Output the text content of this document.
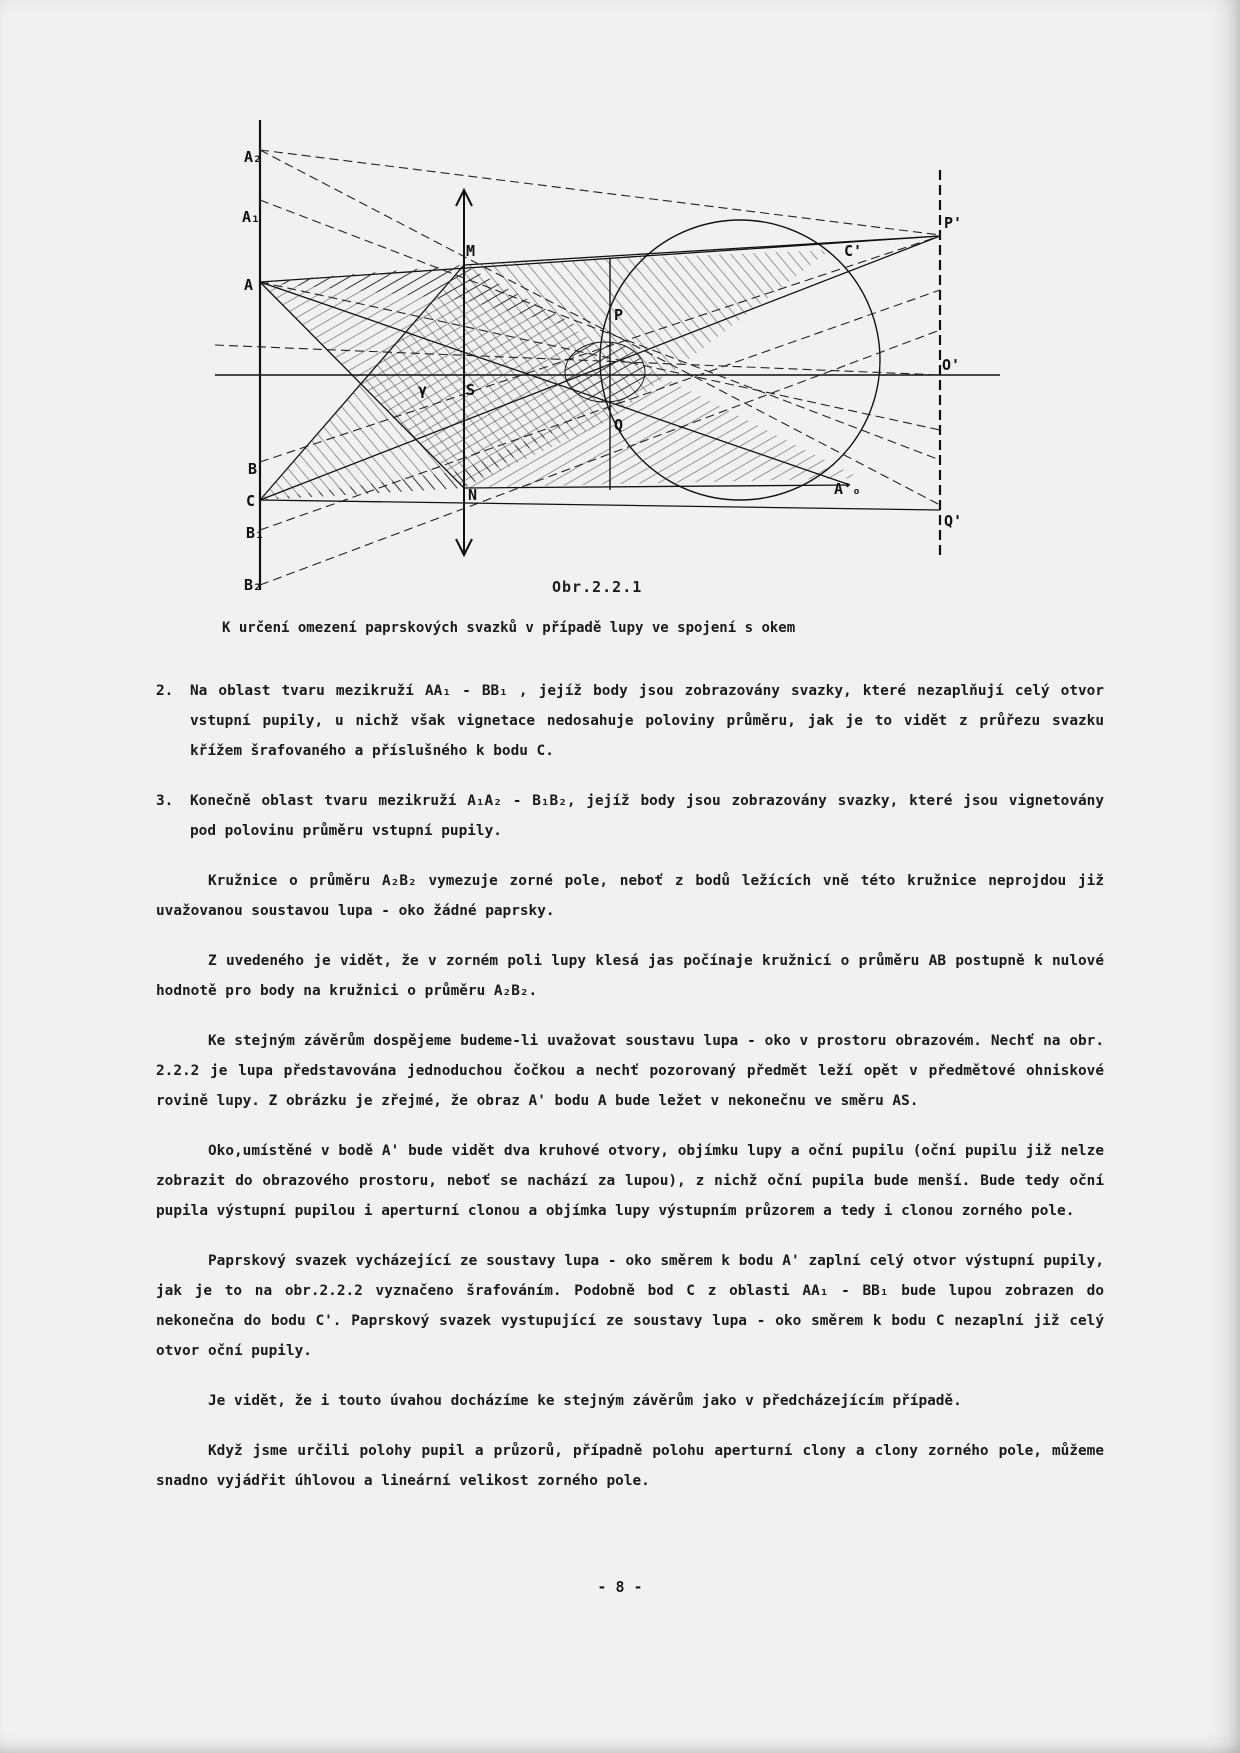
A₂
A₁
A
B
C
B₁
B₂
M
S
N
P
Q
P'
O'
Q'
C'
A'ₒ
γ
Obr.2.2.1
K určení omezení paprskových svazků v případě lupy ve spojení s okem
2. Na oblast tvaru mezikruží AA₁ - BB₁ , jejíž body jsou zobrazovány svazky, které nezaplňují celý otvor vstupní pupily, u nichž však vignetace nedosahuje poloviny průměru, jak je to vidět z průřezu svazku křížem šrafovaného a příslušného k bodu C.
3. Konečně oblast tvaru mezikruží A₁A₂ - B₁B₂, jejíž body jsou zobrazovány svazky, které jsou vignetovány pod polovinu průměru vstupní pupily.

Kružnice o průměru A₂B₂ vymezuje zorné pole, neboť z bodů ležících vně této kružnice neprojdou již uvažovanou soustavou lupa - oko žádné paprsky.

Z uvedeného je vidět, že v zorném poli lupy klesá jas počínaje kružnicí o průměru AB postupně k nulové hodnotě pro body na kružnici o průměru A₂B₂.

Ke stejným závěrům dospějeme budeme-li uvažovat soustavu lupa - oko v prostoru obrazovém. Nechť na obr. 2.2.2 je lupa představována jednoduchou čočkou a nechť pozorovaný předmět leží opět v předmětové ohniskové rovině lupy. Z obrázku je zřejmé, že obraz A' bodu A bude ležet v nekonečnu ve směru AS.

Oko,umístěné v bodě A' bude vidět dva kruhové otvory, objímku lupy a oční pupilu (oční pupilu již nelze zobrazit do obrazového prostoru, neboť se nachází za lupou), z nichž oční pupila bude menší. Bude tedy oční pupila výstupní pupilou i aperturní clonou a objímka lupy výstupním průzorem a tedy i clonou zorného pole.

Paprskový svazek vycházející ze soustavy lupa - oko směrem k bodu A' zaplní celý otvor výstupní pupily, jak je to na obr.2.2.2 vyznačeno šrafováním. Podobně bod C z oblasti AA₁ - BB₁ bude lupou zobrazen do nekonečna do bodu C'. Paprskový svazek vystupující ze soustavy lupa - oko směrem k bodu C nezaplní již celý otvor oční pupily.

Je vidět, že i touto úvahou docházíme ke stejným závěrům jako v předcházejícím případě.

Když jsme určili polohy pupil a průzorů, případně polohu aperturní clony a clony zorného pole, můžeme snadno vyjádřit úhlovou a lineární velikost zorného pole.

- 8 -
